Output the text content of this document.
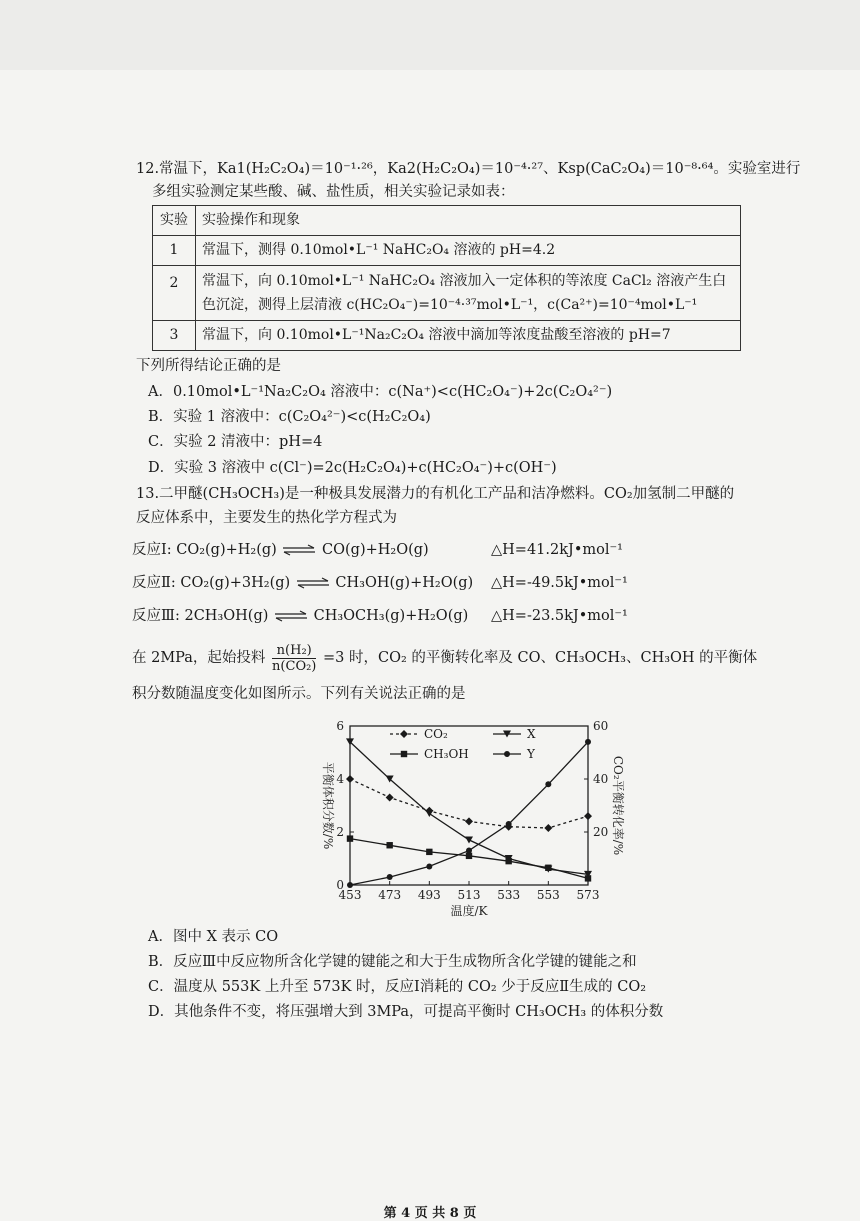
12.常温下，Ka1(H₂C₂O₄)＝10⁻¹·²⁶，Ka2(H₂C₂O₄)＝10⁻⁴·²⁷、Ksp(CaC₂O₄)＝10⁻⁸·⁶⁴。实验室进行
多组实验测定某些酸、碱、盐性质，相关实验记录如表：
实验	实验操作和现象
1	常温下，测得 0.10mol•L⁻¹ NaHC₂O₄ 溶液的 pH=4.2
2	常温下，向 0.10mol•L⁻¹ NaHC₂O₄ 溶液加入一定体积的等浓度 CaCl₂ 溶液产生白色沉淀，测得上层清液 c(HC₂O₄⁻)=10⁻⁴·³⁷mol•L⁻¹，c(Ca²⁺)=10⁻⁴mol•L⁻¹
3	常温下，向 0.10mol•L⁻¹Na₂C₂O₄ 溶液中滴加等浓度盐酸至溶液的 pH=7
下列所得结论正确的是
A．0.10mol•L⁻¹Na₂C₂O₄ 溶液中：c(Na⁺)<c(HC₂O₄⁻)+2c(C₂O₄²⁻)
B．实验 1 溶液中：c(C₂O₄²⁻)<c(H₂C₂O₄)
C．实验 2 清液中：pH=4
D．实验 3 溶液中 c(Cl⁻)=2c(H₂C₂O₄)+c(HC₂O₄⁻)+c(OH⁻)
13.二甲醚(CH₃OCH₃)是一种极具发展潜力的有机化工产品和洁净燃料。CO₂加氢制二甲醚的
反应体系中，主要发生的热化学方程式为
反应Ⅰ: CO₂(g)+H₂(g) ⇌ CO(g)+H₂O(g)	△H=41.2kJ•mol⁻¹
反应Ⅱ: CO₂(g)+3H₂(g) ⇌ CH₃OH(g)+H₂O(g) △H=-49.5kJ•mol⁻¹
反应Ⅲ: 2CH₃OH(g) ⇌ CH₃OCH₃(g)+H₂O(g) △H=-23.5kJ•mol⁻¹
在 2MPa，起始投料 $\frac{\text{n(H₂)}}{\text{n(CO₂)}} =3$ 时，CO₂ 的平衡转化率及 CO、CH₃OCH₃、CH₃OH 的平衡体
积分数随温度变化如图所示。下列有关说法正确的是
453 473 493 513 533 553 573
0
2
4
6
20
40
60
温度/K
平衡体积分数/%	CO₂平衡转化率/%
CO₂	X
CH₃OH	Y
A．图中 X 表示 CO
B．反应Ⅲ中反应物所含化学键的键能之和大于生成物所含化学键的键能之和
C．温度从 553K 上升至 573K 时，反应Ⅰ消耗的 CO₂ 少于反应Ⅱ生成的 CO₂
D．其他条件不变，将压强增大到 3MPa，可提高平衡时 CH₃OCH₃ 的体积分数
第 4 页 共 8 页
